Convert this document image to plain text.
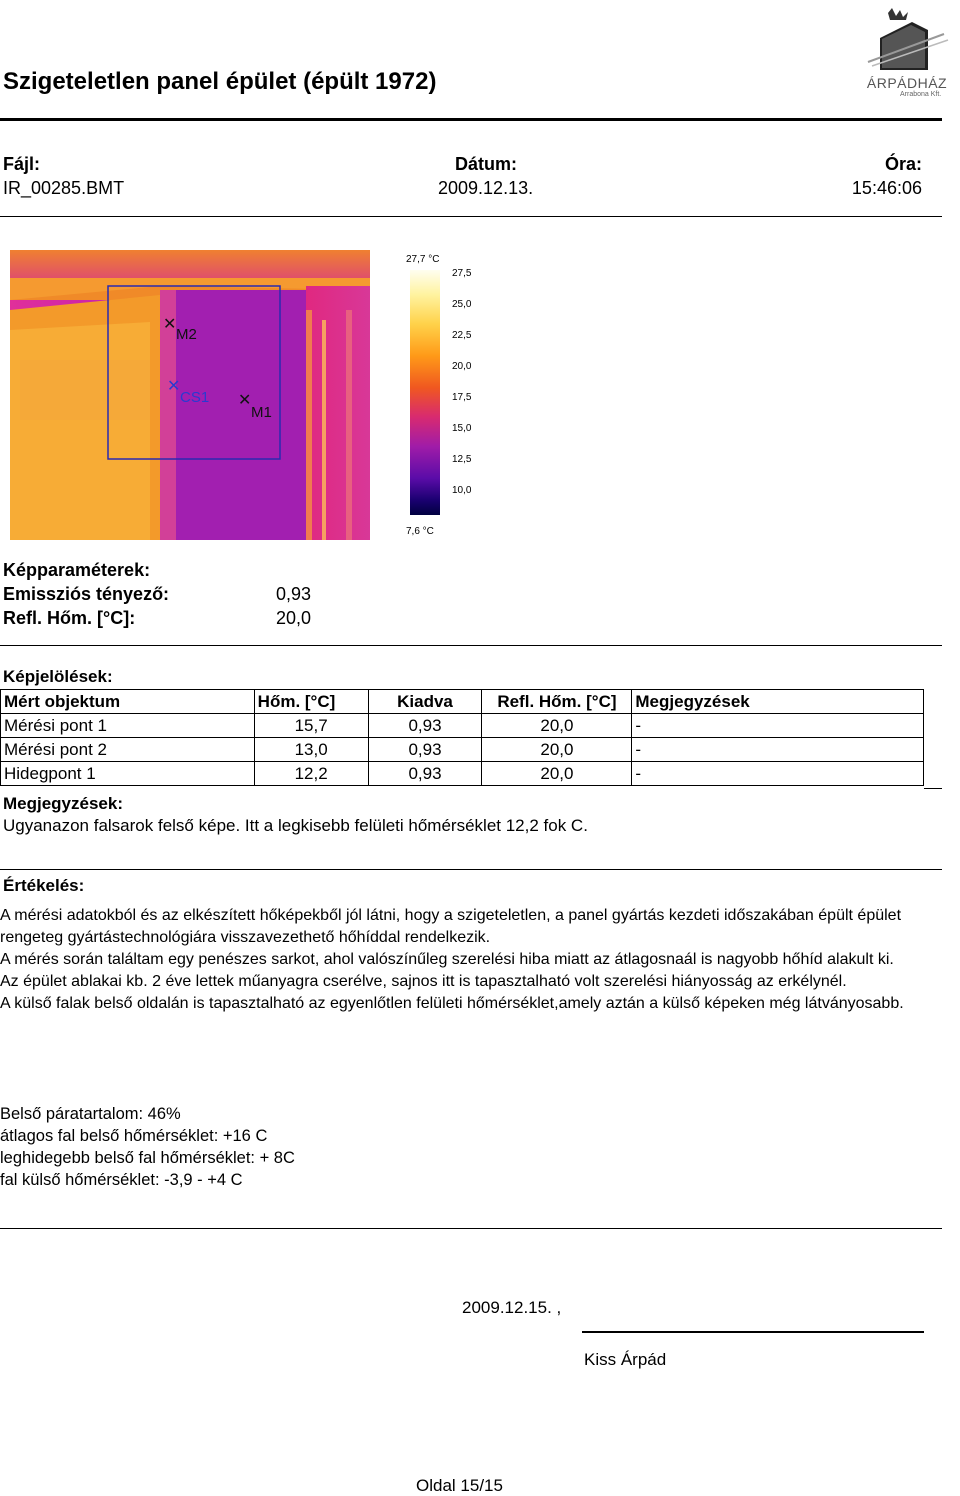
Szigeteletlen panel épület (épült 1972)	ÁRPÁDHÁZ
Arrabona Kft.
Fájl:
IR_00285.BMT
Dátum:
2009.12.13.
Óra:
15:46:06
✕
M2
✕
CS1 ✕
M1
27,7 °C
27,5
25,0
22,5
20,0
17,5
15,0
12,5
10,0
7,6 °C
Képparaméterek:
Emissziós tényező:	0,93
Refl. Hőm. [°C]:	20,0
Képjelölések:
Mért objektum	Hőm. [°C]	Kiadva	Refl. Hőm. [°C]	Megjegyzések
Mérési pont 1	15,7	0,93	20,0	-
Mérési pont 2	13,0	0,93	20,0	-
Hidegpont 1	12,2	0,93	20,0	-
Megjegyzések:
Ugyanazon falsarok felső képe. Itt a legkisebb felületi hőmérséklet 12,2 fok C.
Értékelés:

A mérési adatokból és az elkészített hőképekből jól látni, hogy a szigeteletlen, a panel gyártás kezdeti időszakában épült épület rengeteg gyártástechnológiára visszavezethető hőhíddal rendelkezik.

A mérés során találtam egy penészes sarkot, ahol valószínűleg szerelési hiba miatt az átlagosnaál is nagyobb hőhíd alakult ki.

Az épület ablakai kb. 2 éve lettek műanyagra cserélve, sajnos itt is tapasztalható volt szerelési hiányosság az erkélynél.

A külső falak belső oldalán is tapasztalható az egyenlőtlen felületi hőmérséklet,amely aztán a külső képeken még látványosabb.

Belső páratartalom: 46%
átlagos fal belső hőmérséklet: +16 C
leghidegebb belső fal hőmérséklet: + 8C
fal külső hőmérséklet: -3,9 - +4 C
2009.12.15. ,
Kiss Árpád
Oldal 15/15
